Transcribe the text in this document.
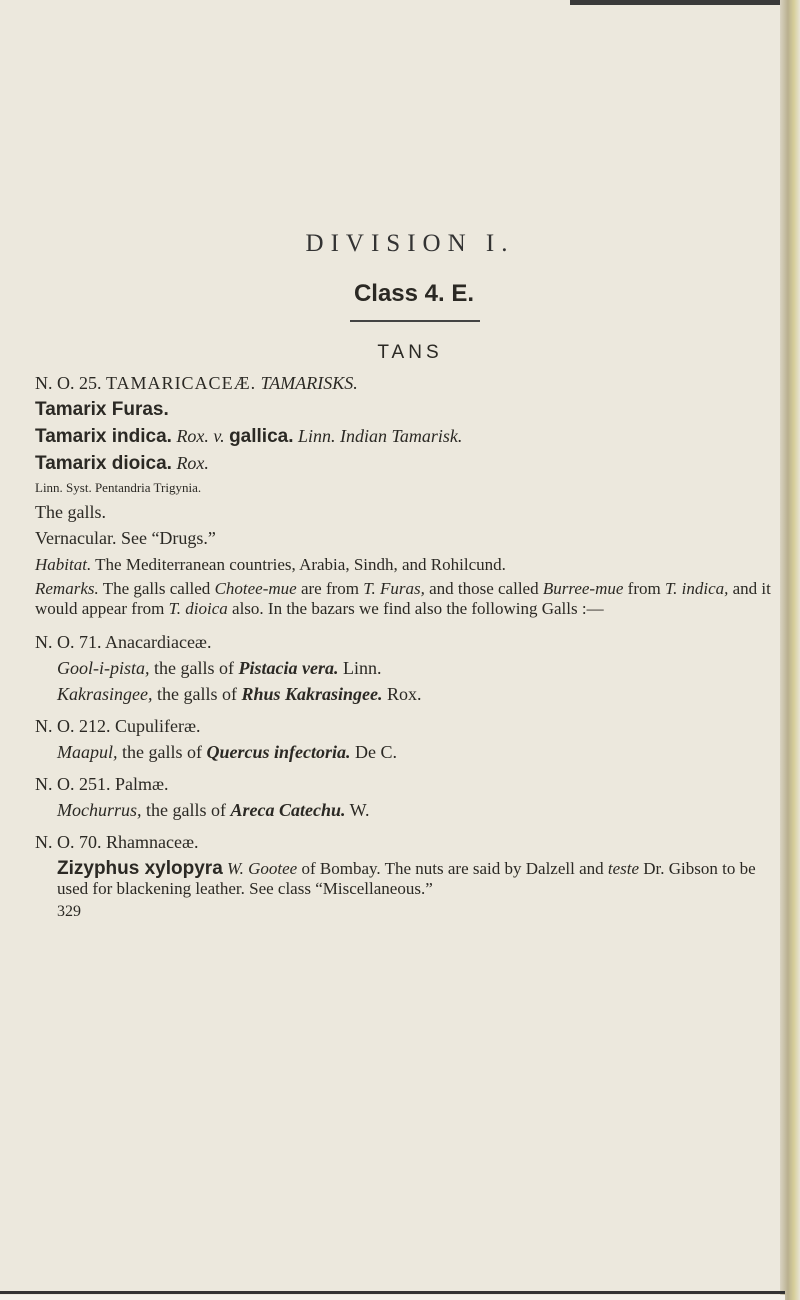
DIVISION I.
Class 4. E.
TANS
N. O. 25. TAMARICACEÆ. TAMARISKS.
Tamarix Furas.
Tamarix indica. Rox. v. gallica. Linn. Indian Tamarisk.
Tamarix dioica. Rox.
Linn. Syst. Pentandria Trigynia.
The galls.
Vernacular. See “Drugs.”
Habitat. The Mediterranean countries, Arabia, Sindh, and Rohilcund.
Remarks. The galls called Chotee-mue are from T. Furas, and those called Burree-mue from T. indica, and it would appear from T. dioica also. In the bazars we find also the following Galls :—
N. O. 71. Anacardiaceæ.
Gool-i-pista, the galls of Pistacia vera. Linn.
Kakrasingee, the galls of Rhus Kakrasingee. Rox.
N. O. 212. Cupuliferæ.
Maapul, the galls of Quercus infectoria. De C.
N. O. 251. Palmæ.
Mochurrus, the galls of Areca Catechu. W.
N. O. 70. Rhamnaceæ.
Zizyphus xylopyra W. Gootee of Bombay. The nuts are said by Dalzell and teste Dr. Gibson to be used for blackening leather. See class “Miscellaneous.”
329
